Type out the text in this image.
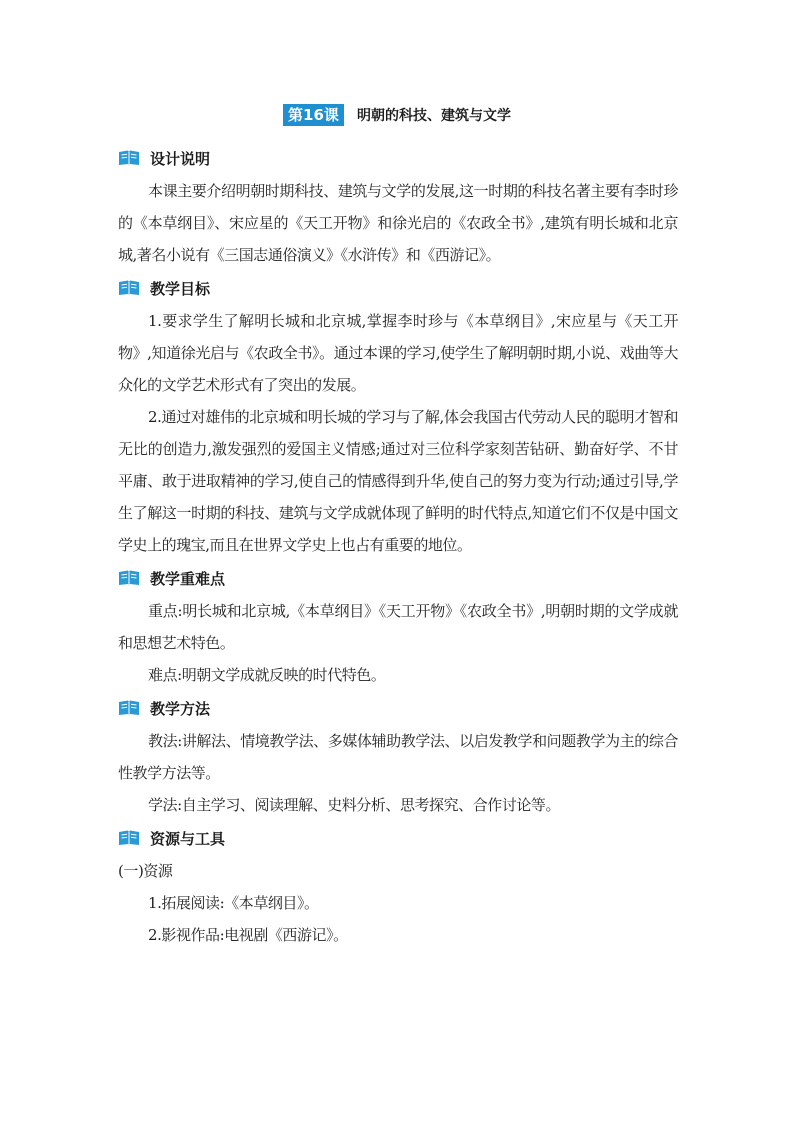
第16课 明朝的科技、建筑与文学
设计说明

本课主要介绍明朝时期科技、建筑与文学的发展,这一时期的科技名著主要有李时珍的《本草纲目》、宋应星的《天工开物》和徐光启的《农政全书》,建筑有明长城和北京城,著名小说有《三国志通俗演义》《水浒传》和《西游记》。

教学目标

1.要求学生了解明长城和北京城,掌握李时珍与《本草纲目》,宋应星与《天工开物》,知道徐光启与《农政全书》。通过本课的学习,使学生了解明朝时期,小说、戏曲等大众化的文学艺术形式有了突出的发展。

2.通过对雄伟的北京城和明长城的学习与了解,体会我国古代劳动人民的聪明才智和无比的创造力,激发强烈的爱国主义情感;通过对三位科学家刻苦钻研、勤奋好学、不甘平庸、敢于进取精神的学习,使自己的情感得到升华,使自己的努力变为行动;通过引导,学生了解这一时期的科技、建筑与文学成就体现了鲜明的时代特点,知道它们不仅是中国文学史上的瑰宝,而且在世界文学史上也占有重要的地位。

教学重难点

重点:明长城和北京城,《本草纲目》《天工开物》《农政全书》,明朝时期的文学成就和思想艺术特色。

难点:明朝文学成就反映的时代特色。

教学方法

教法:讲解法、情境教学法、多媒体辅助教学法、以启发教学和问题教学为主的综合性教学方法等。

学法:自主学习、阅读理解、史料分析、思考探究、合作讨论等。

资源与工具

(一)资源

1.拓展阅读:《本草纲目》。

2.影视作品:电视剧《西游记》。
